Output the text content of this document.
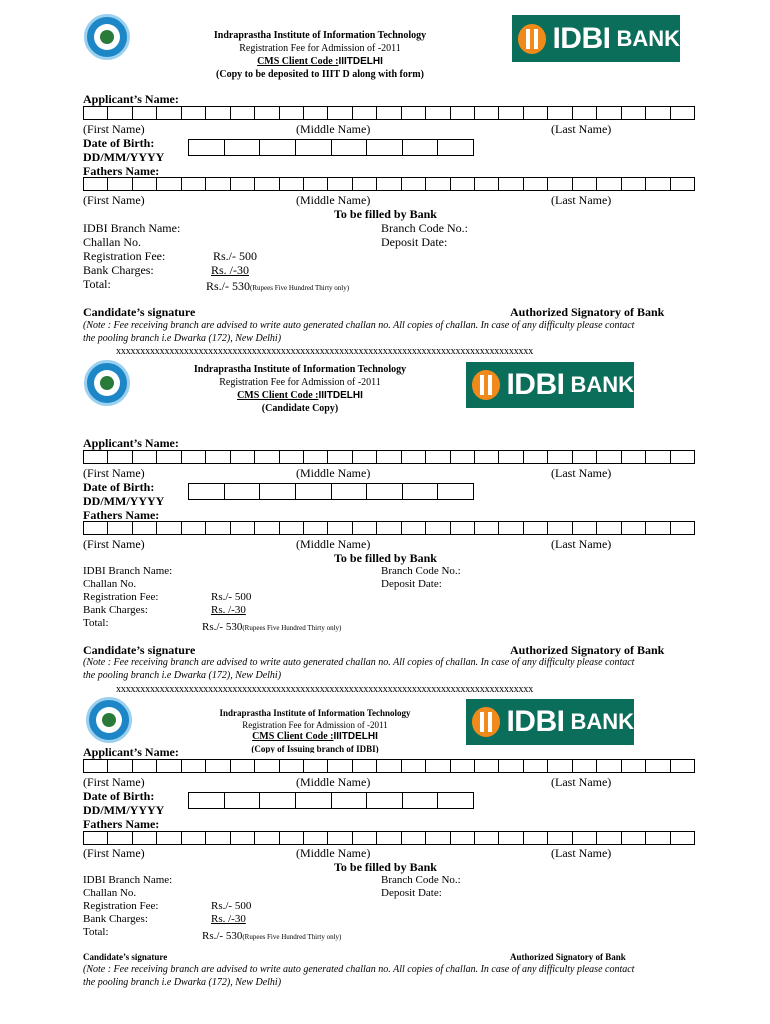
Indraprastha Institute of Information Technology
Registration Fee for Admission of -2011
CMS Client Code :IIITDELHI
(Copy to be deposited to IIIT D along with form)
IDBI BANK
Applicant’s Name:
(First Name)	(Middle Name)	(Last Name)
Date of Birth:
DD/MM/YYYY
Fathers Name:
(First Name)	(Middle Name)	(Last Name)
To be filled by Bank
IDBI Branch Name:	Branch Code No.:
Challan No.	Deposit Date:
Registration Fee:	Rs./- 500
Bank Charges:	Rs. /-30
Total:	Rs./- 530(Rupees Five Hundred Thirty only)
Candidate’s signature	Authorized Signatory of Bank
(Note : Fee receiving branch are advised to write auto generated challan no. All copies of challan. In case of any difficulty please contact
the pooling branch i.e Dwarka (172), New Delhi)
xxxxxxxxxxxxxxxxxxxxxxxxxxxxxxxxxxxxxxxxxxxxxxxxxxxxxxxxxxxxxxxxxxxxxxxxxxxxxxxxxxxxxx
Indraprastha Institute of Information Technology
Registration Fee for Admission of -2011
CMS Client Code :IIITDELHI
(Candidate Copy)
IDBI BANK
Applicant’s Name:
(First Name)	(Middle Name)	(Last Name)
Date of Birth:
DD/MM/YYYY
Fathers Name:
(First Name)	(Middle Name)	(Last Name)
To be filled by Bank
IDBI Branch Name:	Branch Code No.:
Challan No.	Deposit Date:
Registration Fee:	Rs./- 500
Bank Charges:	Rs. /-30
Total:	Rs./- 530(Rupees Five Hundred Thirty only)
Candidate’s signature	Authorized Signatory of Bank
(Note : Fee receiving branch are advised to write auto generated challan no. All copies of challan. In case of any difficulty please contact
the pooling branch i.e Dwarka (172), New Delhi)
xxxxxxxxxxxxxxxxxxxxxxxxxxxxxxxxxxxxxxxxxxxxxxxxxxxxxxxxxxxxxxxxxxxxxxxxxxxxxxxxxxxxxx
Indraprastha Institute of Information Technology
Registration Fee for Admission of -2011
CMS Client Code :IIITDELHI
(Copy of Issuing branch of IDBI)
IDBI BANK
Applicant’s Name:
(First Name)	(Middle Name)	(Last Name)
Date of Birth:
DD/MM/YYYY
Fathers Name:
(First Name)	(Middle Name)	(Last Name)
To be filled by Bank
IDBI Branch Name:	Branch Code No.:
Challan No.	Deposit Date:
Registration Fee:	Rs./- 500
Bank Charges:	Rs. /-30
Total:	Rs./- 530(Rupees Five Hundred Thirty only)
Candidate’s signature	Authorized Signatory of Bank
(Note : Fee receiving branch are advised to write auto generated challan no. All copies of challan. In case of any difficulty please contact
the pooling branch i.e Dwarka (172), New Delhi)
